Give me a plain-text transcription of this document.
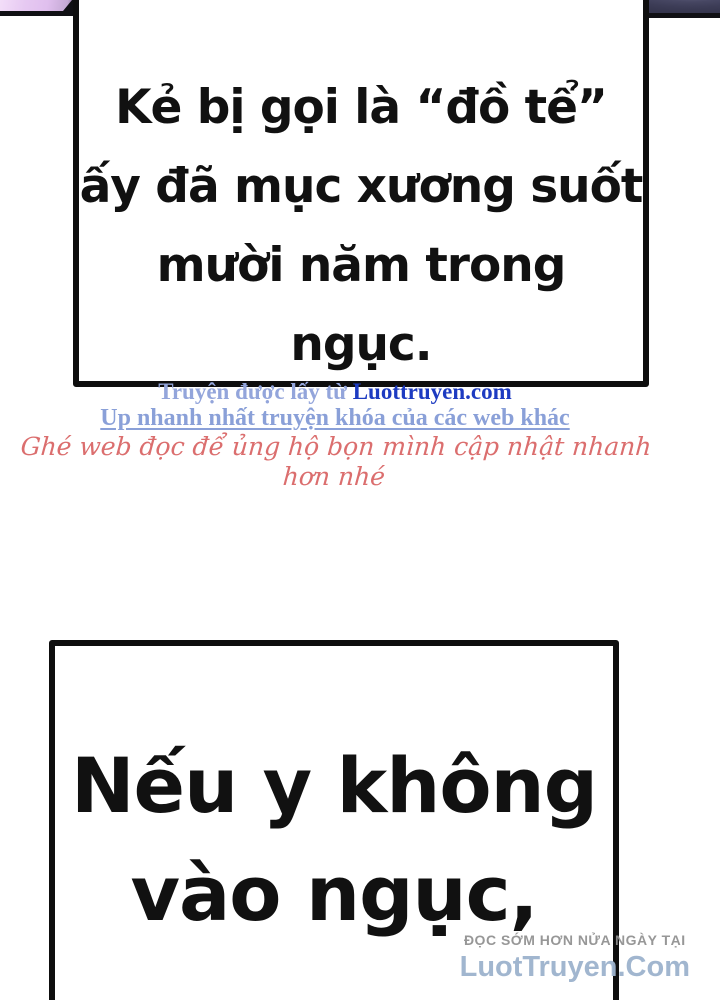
Kẻ bị gọi là “đồ tể”
ấy đã mục xương suốt
mười năm trong ngục.
Truyện được lấy từ Luottruyen.com
Up nhanh nhất truyện khóa của các web khác
Ghé web đọc để ủng hộ bọn mình cập nhật nhanh hơn nhé
Nếu y không
vào ngục,
ĐỌC SỚM HƠN NỬA NGÀY TẠI
LuotTruyen.Com
